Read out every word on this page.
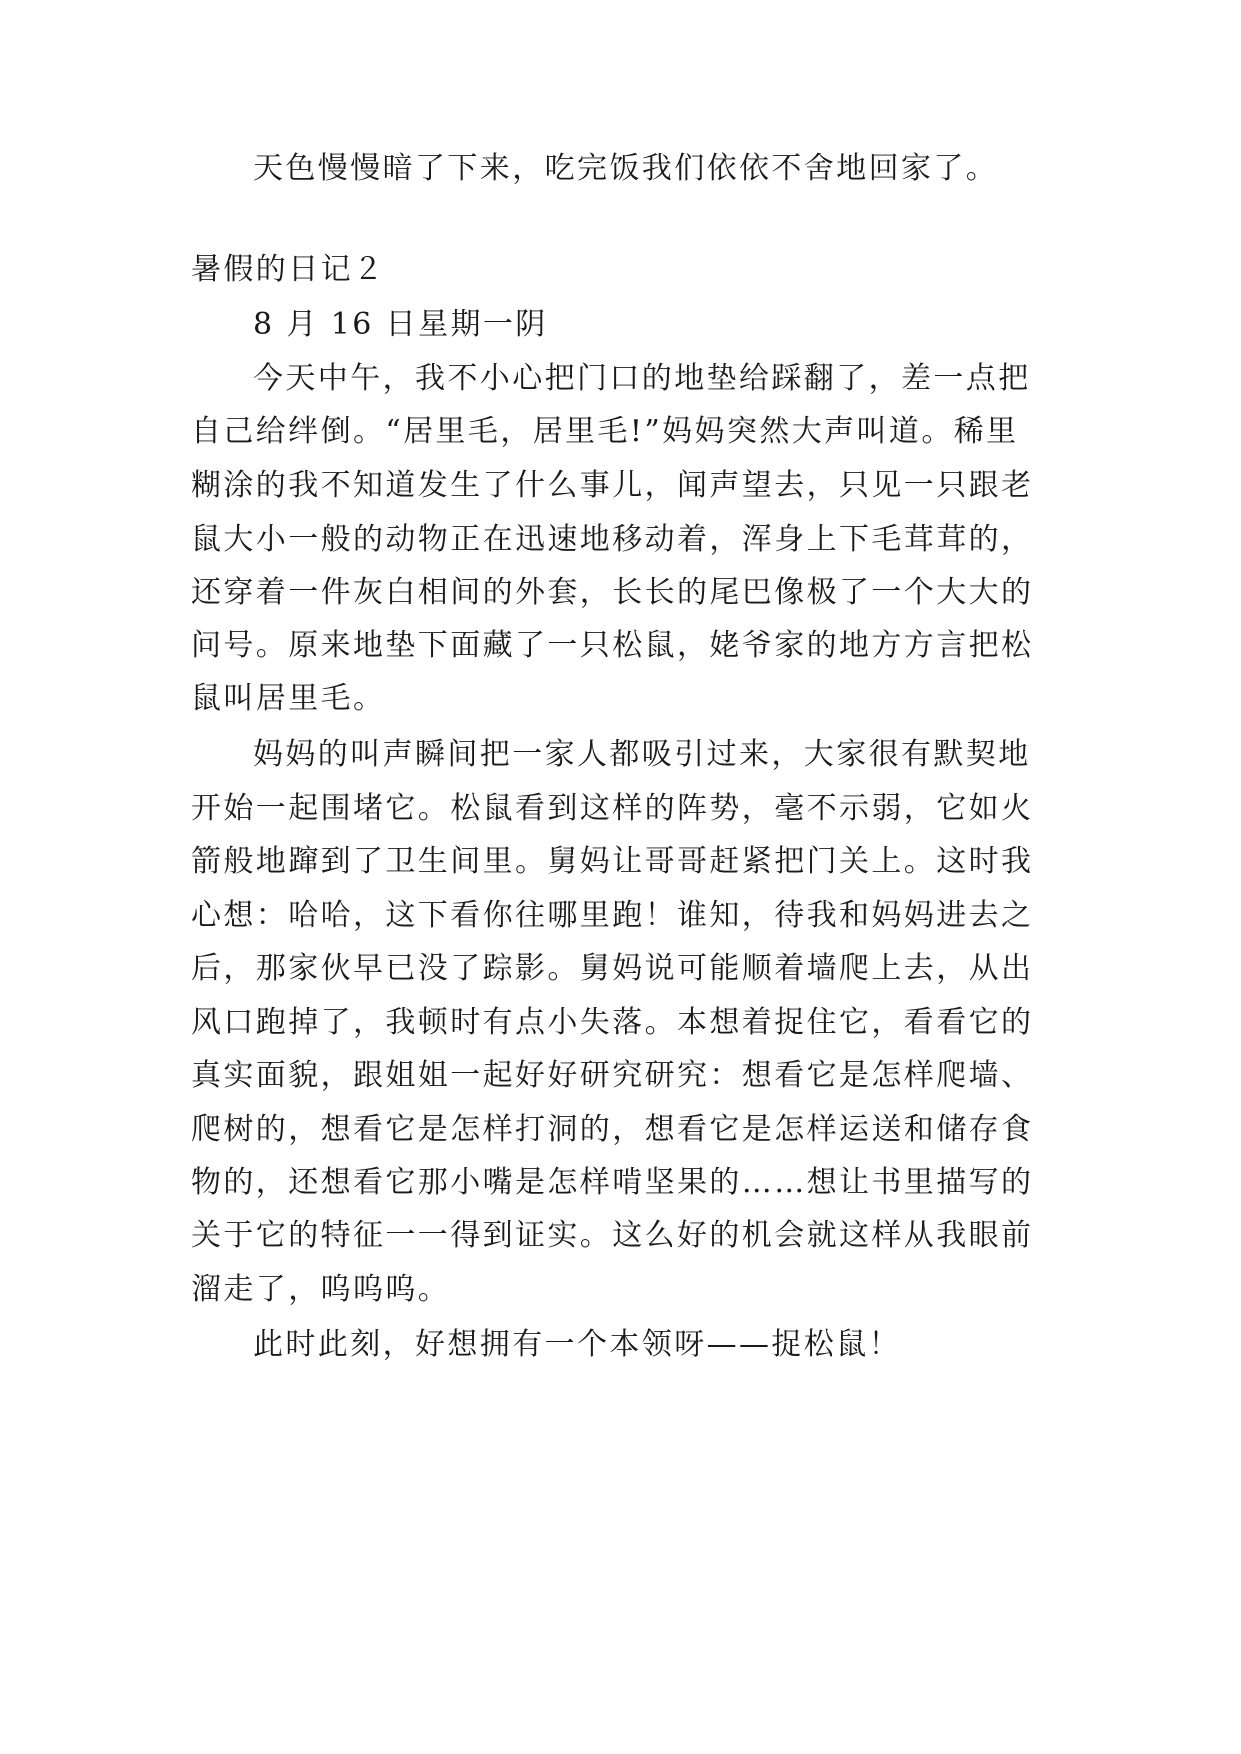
天色慢慢暗了下来，吃完饭我们依依不舍地回家了。
暑假的日记２
8 月 16 日星期一阴
今天中午，我不小心把门口的地垫给踩翻了，差一点把
自己给绊倒。“居里毛，居里毛!”妈妈突然大声叫道。稀里
糊涂的我不知道发生了什么事儿，闻声望去，只见一只跟老
鼠大小一般的动物正在迅速地移动着，浑身上下毛茸茸的，
还穿着一件灰白相间的外套，长长的尾巴像极了一个大大的
问号。原来地垫下面藏了一只松鼠，姥爷家的地方方言把松
鼠叫居里毛。
妈妈的叫声瞬间把一家人都吸引过来，大家很有默契地
开始一起围堵它。松鼠看到这样的阵势，毫不示弱，它如火
箭般地蹿到了卫生间里。舅妈让哥哥赶紧把门关上。这时我
心想：哈哈，这下看你往哪里跑！谁知，待我和妈妈进去之
后，那家伙早已没了踪影。舅妈说可能顺着墙爬上去，从出
风口跑掉了，我顿时有点小失落。本想着捉住它，看看它的
真实面貌，跟姐姐一起好好研究研究：想看它是怎样爬墙、
爬树的，想看它是怎样打洞的，想看它是怎样运送和储存食
物的，还想看它那小嘴是怎样啃坚果的……想让书里描写的
关于它的特征一一得到证实。这么好的机会就这样从我眼前
溜走了，呜呜呜。
此时此刻，好想拥有一个本领呀——捉松鼠！
